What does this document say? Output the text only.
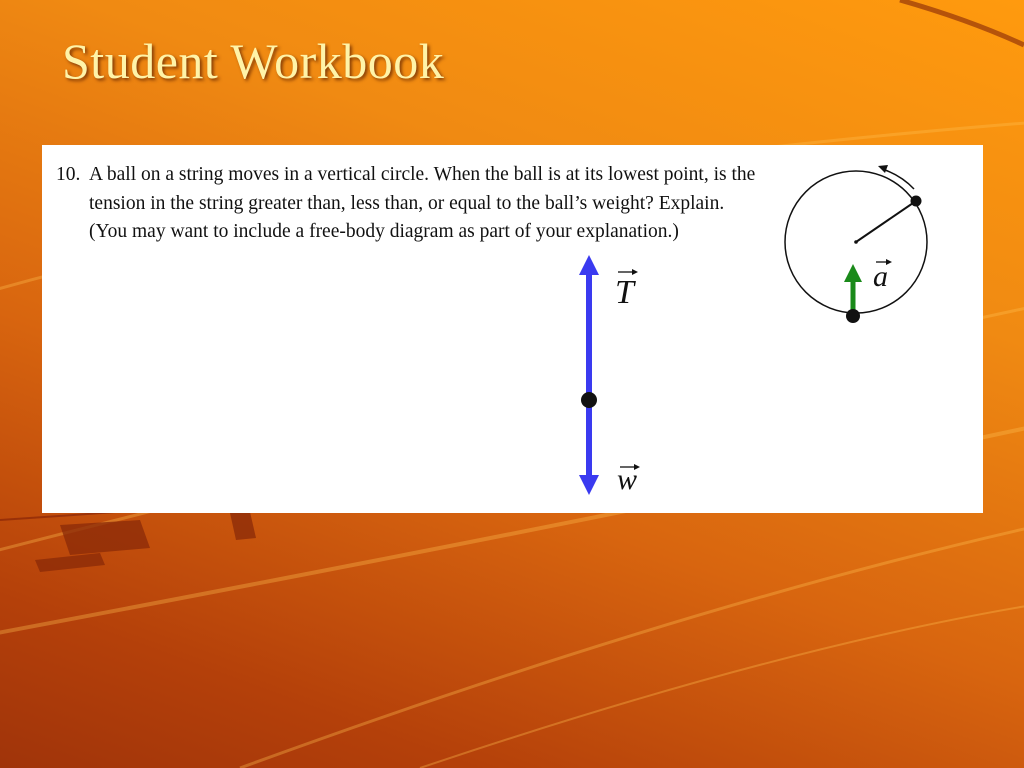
Student Workbook
10. A ball on a string moves in a vertical circle. When the ball is at its lowest point, is the tension in the string greater than, less than, or equal to the ball’s weight? Explain. (You may want to include a free-body diagram as part of your explanation.)
T
w
a
